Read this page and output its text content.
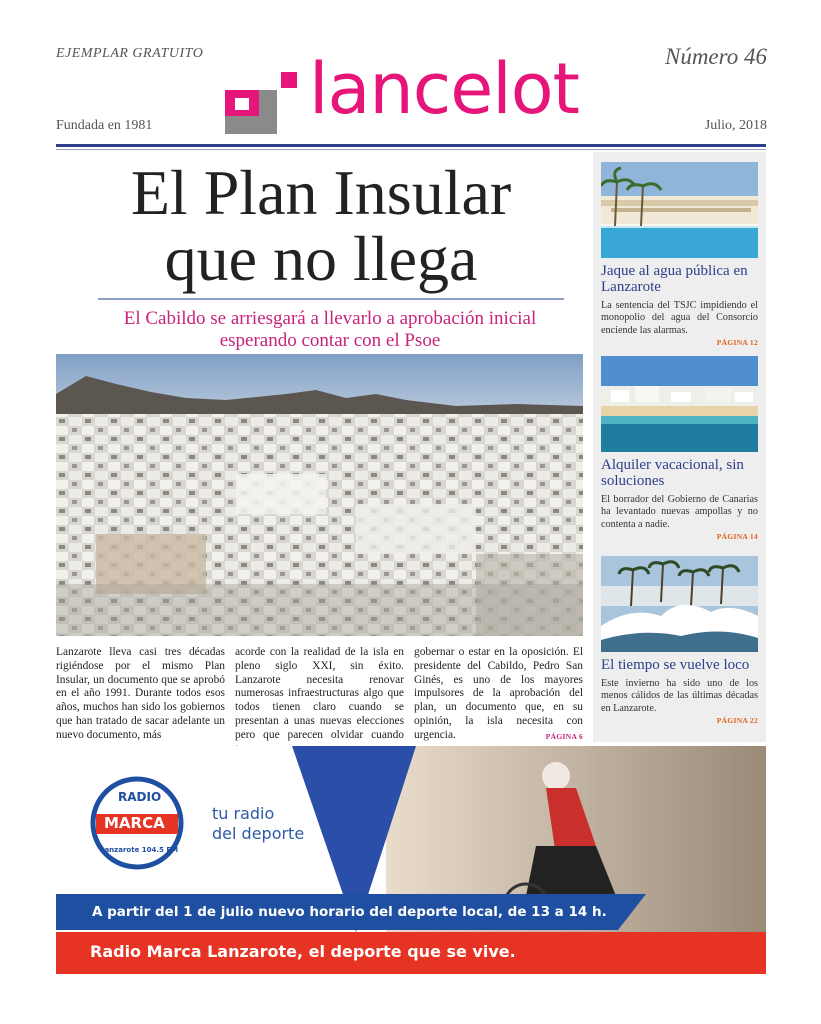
EJEMPLAR GRATUITO	Número 46
Fundada en 1981	Julio, 2018
lancelot
El Plan Insular
que no llega
El Cabildo se arriesgará a llevarlo a aprobación inicial
esperando contar con el Psoe
Lanzarote lleva casi tres décadas rigiéndose por el mismo Plan Insular, un documento que se aprobó en el año 1991. Durante todos esos años, muchos han sido los gobiernos que han tratado de sacar adelante un nuevo documento, más
acorde con la realidad de la isla en pleno siglo XXI, sin éxito. Lanzarote necesita renovar numerosas infraestructuras algo que todos tienen claro cuando se presentan a unas nuevas elecciones pero que parecen olvidar cuando
gobernar o estar en la oposición. El presidente del Cabildo, Pedro San Ginés, es uno de los mayores impulsores de la aprobación del plan, un documento que, en su opinión, la isla necesita con urgencia.	PÁGINA 6
Jaque al agua pública en Lanzarote
La sentencia del TSJC impidiendo el monopolio del agua del Consorcio enciende las alarmas.
PÁGINA 12
Alquiler vacacional, sin soluciones
El borrador del Gobierno de Canarias ha levantado nuevas ampollas y no contenta a nadie.
PÁGINA 14
El tiempo se vuelve loco
Este invierno ha sido uno de los menos cálidos de las últimas décadas en Lanzarote.
PÁGINA 22
RADIO
MARCA
Lanzarote 104.5 FM
tu radio
del deporte
A partir del 1 de julio nuevo horario del deporte local, de 13 a 14 h.
Radio Marca Lanzarote, el deporte que se vive.
